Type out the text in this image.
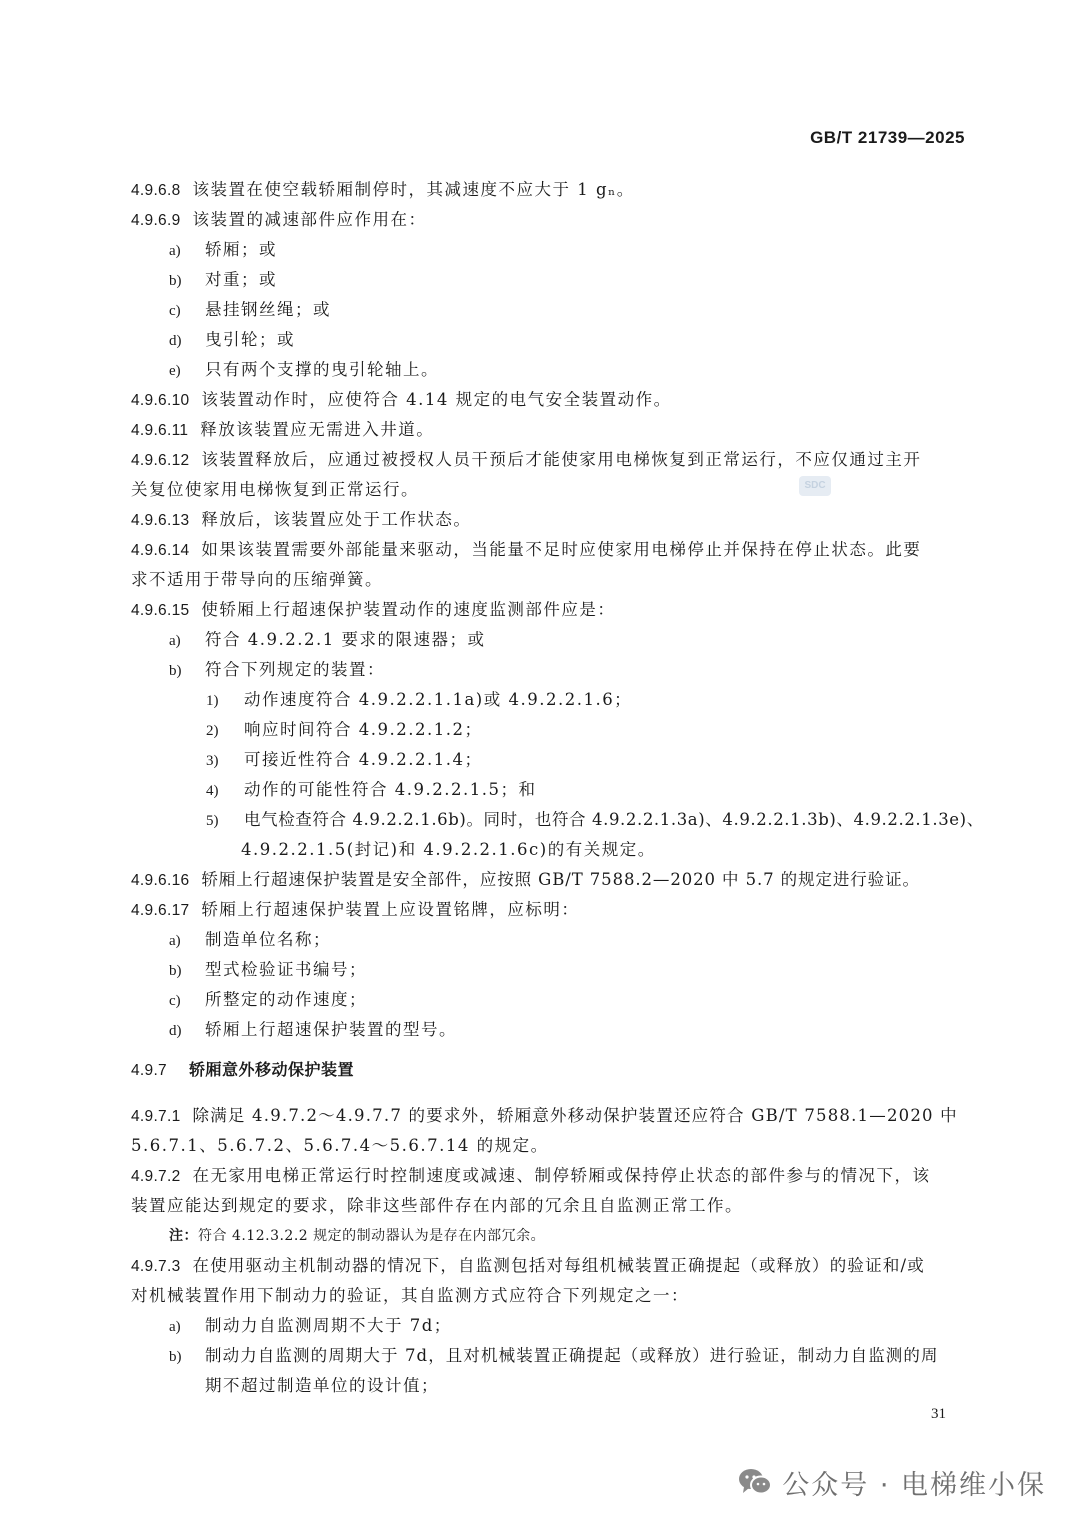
GB/T 21739—2025
SDC
4.9.6.8 该装置在使空载轿厢制停时，其减速度不应大于 1 gₙ。
4.9.6.9 该装置的减速部件应作用在：
a) 轿厢；或
b) 对重；或
c) 悬挂钢丝绳；或
d) 曳引轮；或
e) 只有两个支撑的曳引轮轴上。
4.9.6.10 该装置动作时，应使符合 4.14 规定的电气安全装置动作。
4.9.6.11 释放该装置应无需进入井道。
4.9.6.12 该装置释放后，应通过被授权人员干预后才能使家用电梯恢复到正常运行，不应仅通过主开
关复位使家用电梯恢复到正常运行。
4.9.6.13 释放后，该装置应处于工作状态。
4.9.6.14 如果该装置需要外部能量来驱动，当能量不足时应使家用电梯停止并保持在停止状态。此要
求不适用于带导向的压缩弹簧。
4.9.6.15 使轿厢上行超速保护装置动作的速度监测部件应是：
a) 符合 4.9.2.2.1 要求的限速器；或
b) 符合下列规定的装置：
1) 动作速度符合 4.9.2.2.1.1a)或 4.9.2.2.1.6；
2) 响应时间符合 4.9.2.2.1.2；
3) 可接近性符合 4.9.2.2.1.4；
4) 动作的可能性符合 4.9.2.2.1.5；和
5) 电气检查符合 4.9.2.2.1.6b)。同时，也符合 4.9.2.2.1.3a)、4.9.2.2.1.3b)、4.9.2.2.1.3e)、
4.9.2.2.1.5(封记)和 4.9.2.2.1.6c)的有关规定。
4.9.6.16 轿厢上行超速保护装置是安全部件，应按照 GB/T 7588.2—2020 中 5.7 的规定进行验证。
4.9.6.17 轿厢上行超速保护装置上应设置铭牌，应标明：
a) 制造单位名称；
b) 型式检验证书编号；
c) 所整定的动作速度；
d) 轿厢上行超速保护装置的型号。
4.9.7 轿厢意外移动保护装置
4.9.7.1 除满足 4.9.7.2～4.9.7.7 的要求外，轿厢意外移动保护装置还应符合 GB/T 7588.1—2020 中
5.6.7.1、5.6.7.2、5.6.7.4～5.6.7.14 的规定。
4.9.7.2 在无家用电梯正常运行时控制速度或减速、制停轿厢或保持停止状态的部件参与的情况下，该
装置应能达到规定的要求，除非这些部件存在内部的冗余且自监测正常工作。
注：符合 4.12.3.2.2 规定的制动器认为是存在内部冗余。
4.9.7.3 在使用驱动主机制动器的情况下，自监测包括对每组机械装置正确提起（或释放）的验证和/或
对机械装置作用下制动力的验证，其自监测方式应符合下列规定之一：
a) 制动力自监测周期不大于 7d；
b) 制动力自监测的周期大于 7d，且对机械装置正确提起（或释放）进行验证，制动力自监测的周
期不超过制造单位的设计值；
31
公众号 · 电梯维小保
